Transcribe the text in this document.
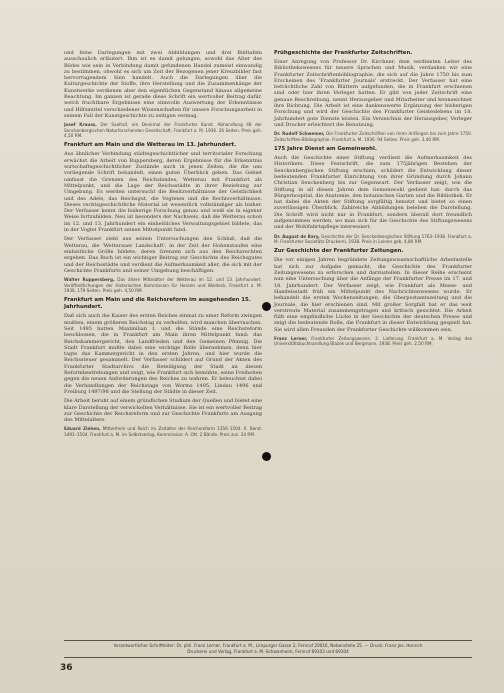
und feine Darlegungen mit zwei Abbildungen und drei Bildtafeln ausschaulich erläutert. Ihm ist es damit gelungen, sowohl das Alter des Bildes wie sein in Verbindung damit gefundenen Handel zumeist einwandig zu bestimmen, obwohl es sich um Zeit der Bezogenen jener Kreuzbilder fast hervorragendem Sinn handelt. Auch die Darlegungen über die Kulturgeschichte der Stoffe, ihre Herstellung und die Zusammenhänge der Kunstwerke verdienen aber den eigentlichen Gegenstand hinaus allgemeine Beachtung. Im ganzen ist gerade diese Schrift ein wertvoller Beitrag dafür, welch fruchtbare Ergebnisse eine sinnvolle Auswertung der Erkenntnisse und Hilfsmittel verschiedener Wissenschaften für unsere Forschungsarbeit in seinem Fall der Kunstgeschichte zu zeitigen vermag.

Josef Krauss, Der Saalhof, ein Denkmal der Frankfurter Kunst. Abhandlung 48 der Senckenbergischen Naturforschenden Gesellschaft, Frankfurt a. M. 1936. 26 Seiten. Preis geh. 4,50 RM.
Frankfurt am Main und die Wetterau im 13. Jahrhundert.

Aus ähnlicher Verbindung städtegeschichtlicher und territorialer Forschung erwächst die Arbeit von Ruppersberg, deren Ergebnisse für die Erkenntnis wirtschaftsgeschichtlicher Zustände auch in jenen Zeiten, die die uns vorliegende Schrift behandelt, einen guten Überblick geben. Das Gebiet umfasst die Grenzen des Reichslandes, Wetterau mit Frankfurt als Mittelpunkt, und die Lage der Reichsstädte in ihrer Beziehung zur Umgebung. Es werden untersucht die Besitzverhältnisse der Geistlichkeit und des Adels, das Reichsgut, die Vogteien und die Rechtsverhältnisse. Dieses rechtsgeschichtliche Material ist wesentlich vollständiger als bisher. Der Verfasser kennt die bisherige Forschung genau und weiß sie in eigener Weise fortzubilden. Neu ist besonders der Nachweis, daß die Wetterau schon im 12. und 13. Jahrhundert ein einheitliches Verwaltungsgebiet bildete, das in der Vogtei Frankfurt seinen Mittelpunkt fand.

Der Verfasser zieht aus seinen Untersuchungen den Schluß, daß die Wetterau, die 'Wetterauer Landschaft', in der Zeit der Hohenstaufen eine einheitliche Größe bildete, deren Grenzen sich aus den Reichsrechten ergeben. Das Buch ist ein wichtiger Beitrag zur Geschichte des Reichsgutes und der Reichsstädte und verdient die Aufmerksamkeit aller, die sich mit der Geschichte Frankfurts und seiner Umgebung beschäftigen.

Walter Ruppersberg, Das ältere Mittelalter der Wetterau im 12. und 13. Jahrhundert. Veröffentlichungen der Historischen Kommission für Hessen und Waldeck, Frankfurt a. M. 1936, 179 Seiten. Preis geh. 4,50 RM.
Frankfurt am Main und die Reichsreform im ausgehenden 15. Jahrhundert.

Daß sich auch die Kaiser des ersten Reiches einmal zu einer Reform zwingen mußten, einem größeren Reichstag zu verhelfen, wird manchen überraschen. Seit 1495 hatten Maximilian I. und die Stände eine Reichsreform beschlossen, die in Frankfurt am Main ihren Mittelpunkt fand: das Reichskammergericht, den Landfrieden und den Gemeinen Pfennig. Die Stadt Frankfurt mußte dabei eine wichtige Rolle übernehmen, denn hier tagte das Kammergericht in den ersten Jahren, und hier wurde die Reichssteuer gesammelt. Der Verfasser schildert auf Grund der Akten des Frankfurter Stadtarchivs die Beteiligung der Stadt an diesen Reformbestrebungen und zeigt, wie Frankfurt sich bemühte, seine Freiheiten gegen die neuen Anforderungen des Reiches zu wahren. Er beleuchtet dabei die Verhandlungen der Reichstage von Worms 1495, Lindau 1496 und Freiburg 1497/98 und die Stellung der Städte in dieser Zeit.

Die Arbeit beruht auf einem gründlichen Studium der Quellen und bietet eine klare Darstellung der verwickelten Verhältnisse. Sie ist ein wertvoller Beitrag zur Geschichte der Reichsreform und zur Geschichte Frankfurts am Ausgang des Mittelalters.

Eduard Ziehen, Mittelrhein und Reich im Zeitalter der Reichsreform 1356–1504. II. Band: 1491–1504. Frankfurt a. M. im Selbstverlag. Kommission: A. Ott. 2 Bände. Preis zus. 24 RM.
Frühgeschichte der Frankfurter Zeitschriften.

Einer Anregung von Professor Dr. Kirchner, dem verdienten Leiter des Bibliothekswesens für neuere Sprachen und Musik, verdanken wir eine Frankfurter Zeitschriftenbibliographie, die sich auf die Jahre 1750 bis zum Erscheinen des 'Frankfurter Journals' erstreckt. Der Verfasser hat eine beträchtliche Zahl von Blättern aufgefunden, die in Frankfurt erschienen sind oder hier ihren Verleger hatten. Er gibt von jeder Zeitschrift eine genaue Beschreibung, nennt Herausgeber und Mitarbeiter und kennzeichnet ihre Richtung. Die Arbeit ist eine dankenswerte Ergänzung der bisherigen Forschung und wird der Geschichte des Frankfurter Geisteslebens im 18. Jahrhundert gute Dienste leisten. Ein Verzeichnis der Herausgeber, Verleger und Drucker erleichtert die Benutzung.

Dr. Rudolf Schwemer, Die Frankfurter Zeitschriften von ihren Anfängen bis zum Jahre 1750. Zeitschriften-Bibliographie. Frankfurt a. M. 1936. 94 Seiten. Preis geh. 3,40 RM.
175 Jahre Dienst am Gemeinwohl.

Auch die Geschichte einer Stiftung verdient die Aufmerksamkeit des Historikers. Diese Festschrift, die zum 175jährigen Bestehen der Senckenbergischen Stiftung erschien, schildert die Entwicklung dieser bedeutenden Frankfurter Einrichtung von ihrer Gründung durch Johann Christian Senckenberg bis zur Gegenwart. Der Verfasser zeigt, wie die Stiftung in all diesen Jahren dem Gemeinwohl gedient hat: durch das Bürgerhospital, die Anatomie, den botanischen Garten und die Bibliothek. Er hat dabei die Akten der Stiftung sorgfältig benutzt und bietet so einen zuverlässigen Überblick. Zahlreiche Abbildungen beleben die Darstellung. Die Schrift wird nicht nur in Frankfurt, sondern überall dort freundlich aufgenommen werden, wo man sich für die Geschichte des Stiftungswesens und der Wohlfahrtspflege interessiert.

Dr. August de Bary, Geschichte der Dr. Senckenbergischen Stiftung 1763–1938. Frankfurt a. M. Frankfurter Societäts-Druckerei, 1938. Preis in Leinen geb. 4,80 RM.
Zur Geschichte der Frankfurter Zeitungen.

Die vor einigen Jahren begründete Zeitungswissenschaftliche Arbeitsstelle hat sich zur Aufgabe gemacht, die Geschichte des Frankfurter Zeitungswesens zu erforschen und darzustellen. In dieser Reihe erscheint nun eine Untersuchung über die Anfänge der Frankfurter Presse im 17. und 18. Jahrhundert. Der Verfasser zeigt, wie Frankfurt als Messe- und Handelsstadt früh ein Mittelpunkt des Nachrichtenwesens wurde. Er behandelt die ersten Wochenzeitungen, die Oberpostamtszeitung und die Journale, die hier erschienen sind. Mit großer Sorgfalt hat er das weit verstreute Material zusammengetragen und kritisch gesichtet. Die Arbeit füllt eine empfindliche Lücke in der Geschichte der deutschen Presse und zeigt die bedeutende Rolle, die Frankfurt in dieser Entwicklung gespielt hat. Sie wird allen Freunden der Frankfurter Geschichte willkommen sein.

Franz Lerner, Frankfurter Zeitungswesen. 2. Lieferung. Frankfurt a. M. Verlag des Universitätsbuchhandlung Blazek und Bergmann. 1938. Preis geh. 2,50 RM.
Verantwortlicher Schriftleiter: Dr. phil. Franz Lerner, Frankfurt a. M., Limpurger Gasse 2, Fernruf 20016, Nebenstelle 25. — Druck: Franz Jos. Henrich
Druckerei und Verlag, Frankfurt a. M.-Schwanheim, Fernruf 69103 und 69104
36
